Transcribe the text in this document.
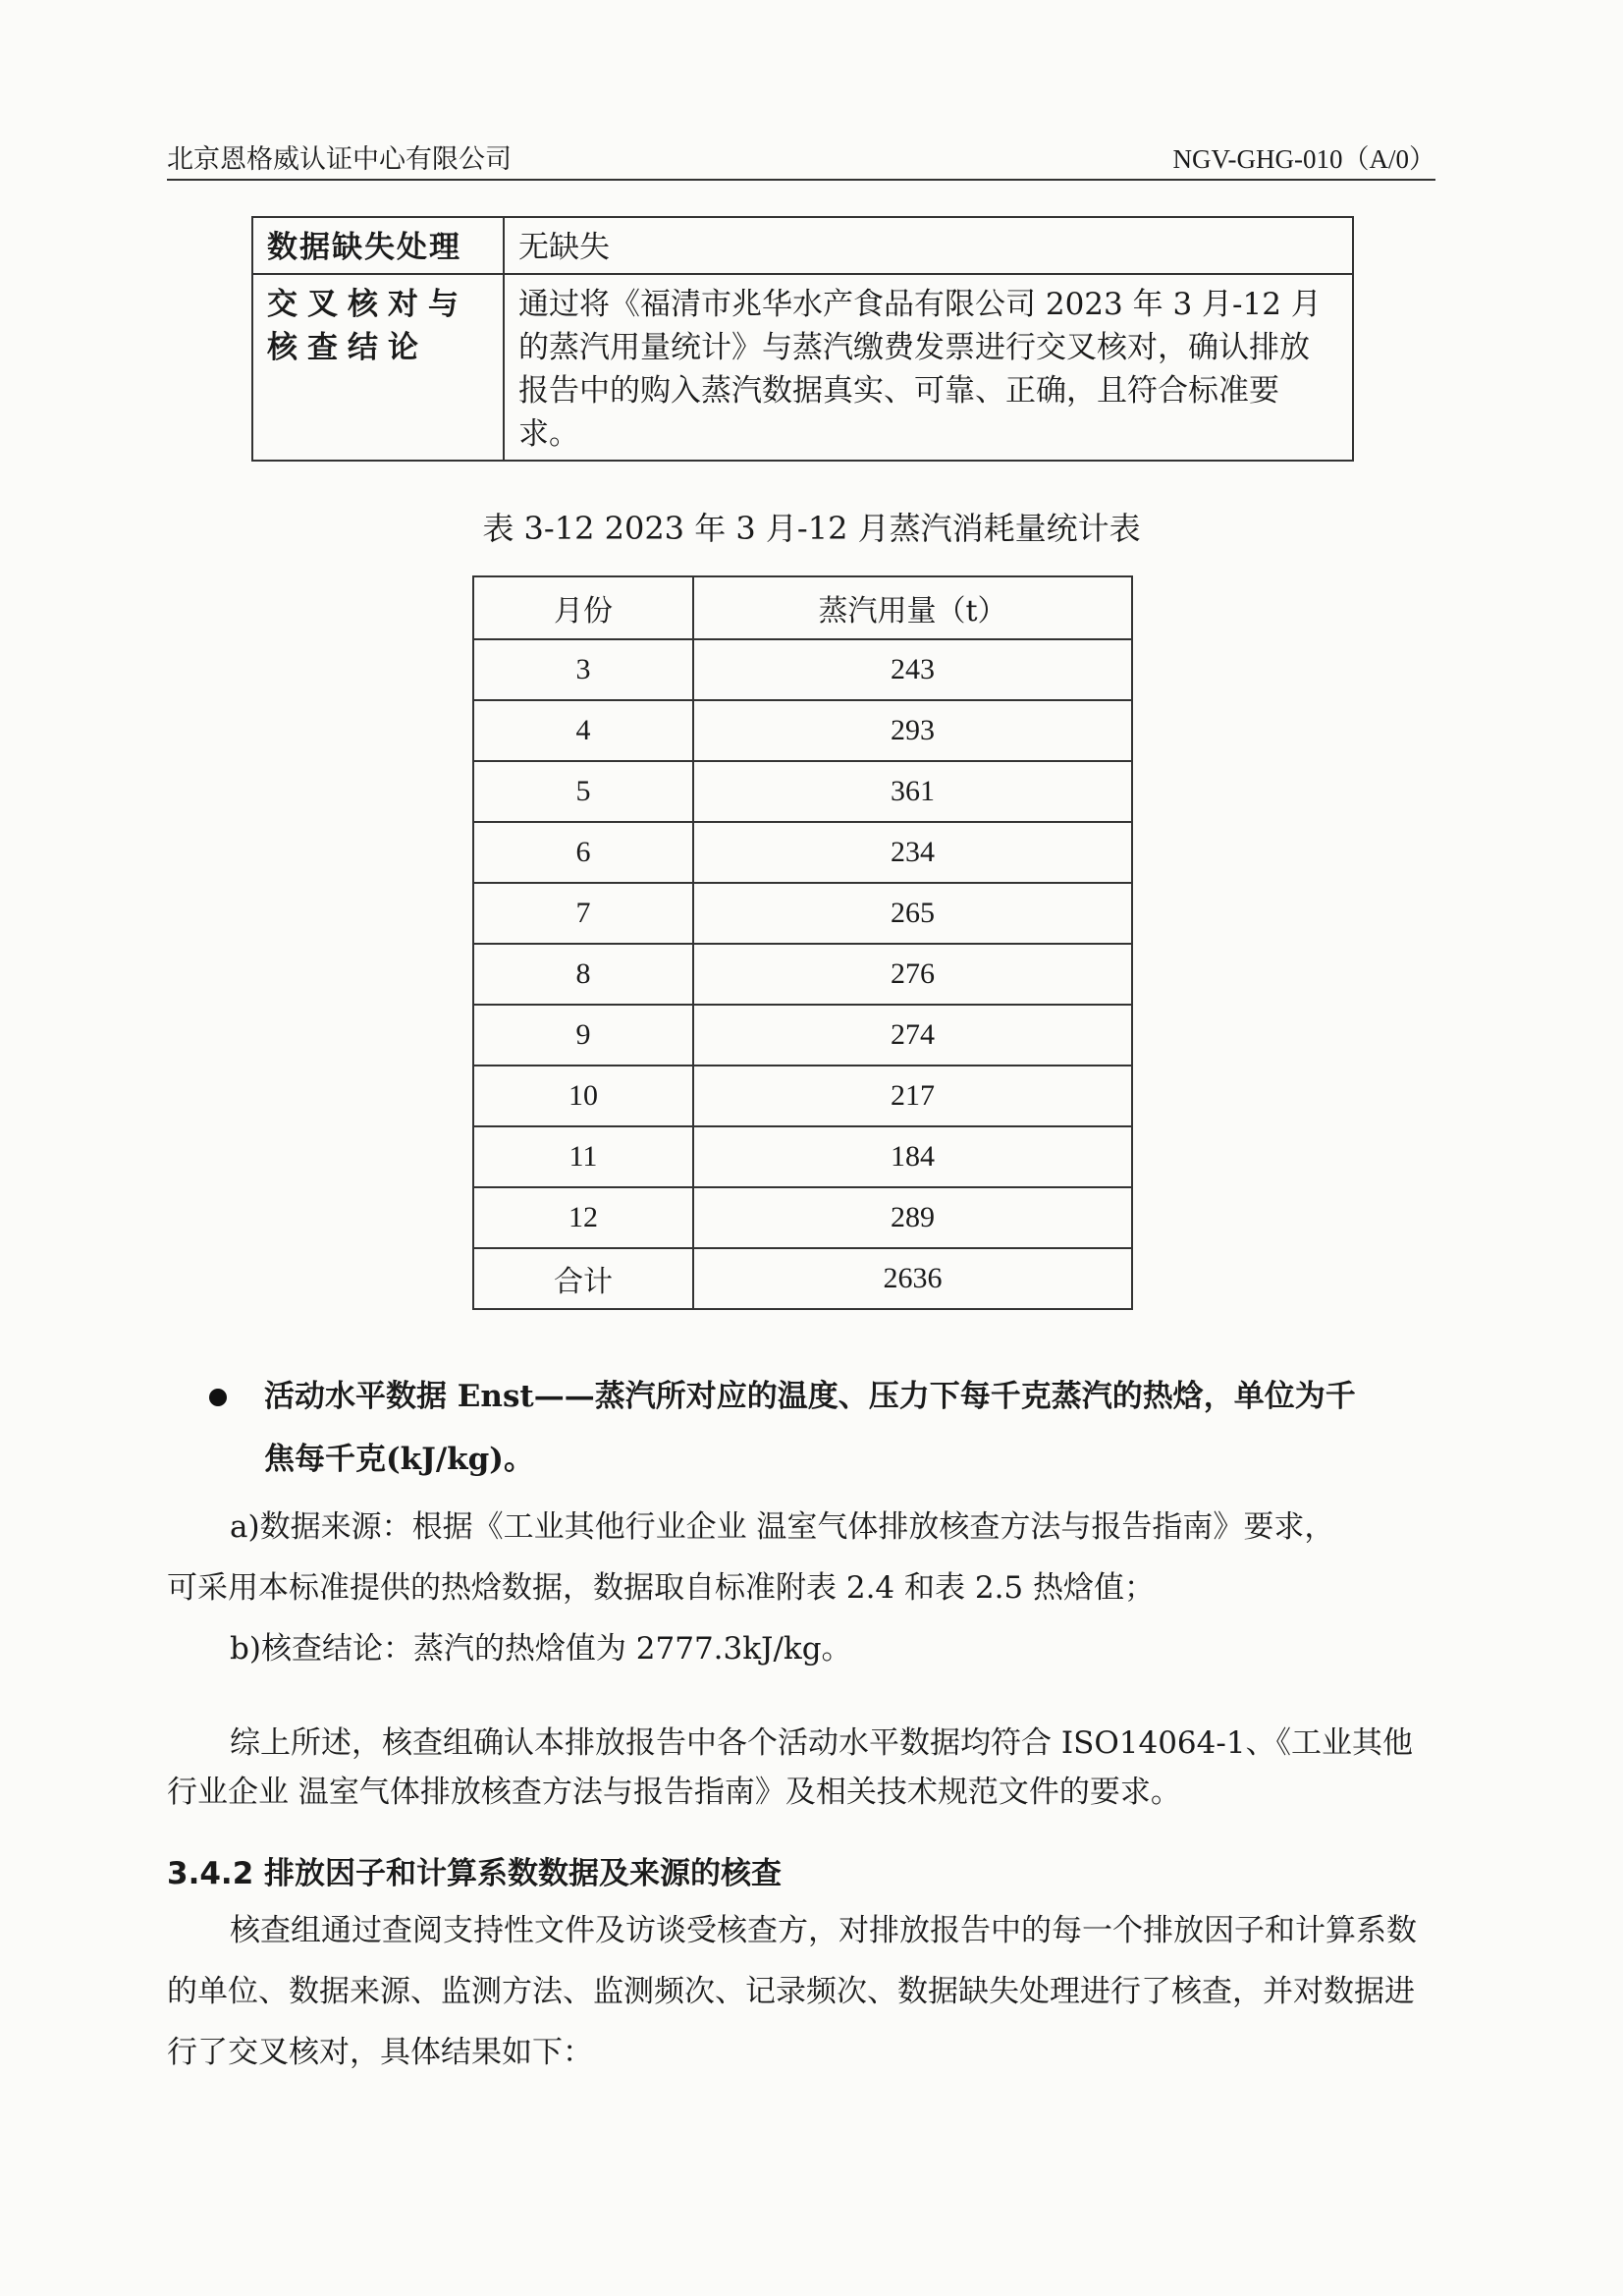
北京恩格威认证中心有限公司	NGV-GHG-010（A/0）
数据缺失处理	无缺失
交叉核对与核查结论	通过将《福清市兆华水产食品有限公司 2023 年 3 月-12 月的蒸汽用量统计》与蒸汽缴费发票进行交叉核对，确认排放报告中的购入蒸汽数据真实、可靠、正确，且符合标准要求。
表 3-12 2023 年 3 月-12 月蒸汽消耗量统计表
月份	蒸汽用量（t）
3	243
4	293
5	361
6	234
7	265
8	276
9	274
10	217
11	184
12	289
合计	2636
活动水平数据 Enst——蒸汽所对应的温度、压力下每千克蒸汽的热焓，单位为千
焦每千克(kJ/kg)。
a)数据来源：根据《工业其他行业企业 温室气体排放核查方法与报告指南》要求，
可采用本标准提供的热焓数据，数据取自标准附表 2.4 和表 2.5 热焓值；
b)核查结论：蒸汽的热焓值为 2777.3kJ/kg。
综上所述，核查组确认本排放报告中各个活动水平数据均符合 ISO14064-1、《工业其他行业企业 温室气体排放核查方法与报告指南》及相关技术规范文件的要求。
3.4.2 排放因子和计算系数数据及来源的核查
核查组通过查阅支持性文件及访谈受核查方，对排放报告中的每一个排放因子和计算系数的单位、数据来源、监测方法、监测频次、记录频次、数据缺失处理进行了核查，并对数据进行了交叉核对，具体结果如下：
